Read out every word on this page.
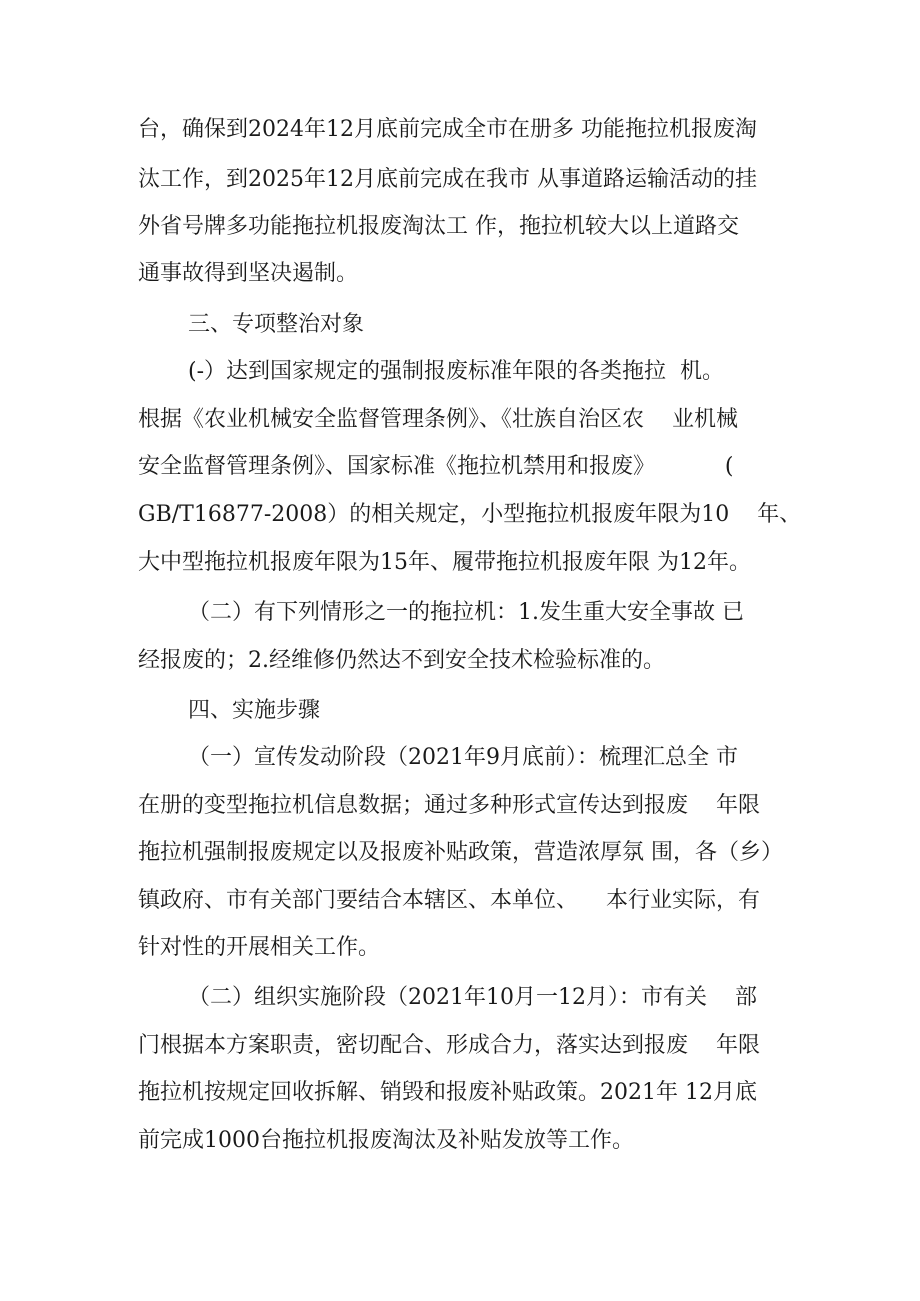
台，确保到2024年12月底前完成全市在册多 功能拖拉机报废淘
汰工作，到2025年12月底前完成在我市 从事道路运输活动的挂
外省号牌多功能拖拉机报废淘汰工 作，拖拉机较大以上道路交
通事故得到坚决遏制。
三、专项整治对象
(-）达到国家规定的强制报废标准年限的各类拖拉  机。
根据《农业机械安全监督管理条例》、《壮族自治区农    业机械
安全监督管理条例》、国家标准《拖拉机禁用和报废》          (
GB/T16877-2008）的相关规定，小型拖拉机报废年限为10    年、
大中型拖拉机报废年限为15年、履带拖拉机报废年限 为12年。
（二）有下列情形之一的拖拉机：1.发生重大安全事故 已
经报废的；2.经维修仍然达不到安全技术检验标准的。
四、实施步骤
（一）宣传发动阶段（2021年9月底前）：梳理汇总全 市
在册的变型拖拉机信息数据；通过多种形式宣传达到报废    年限
拖拉机强制报废规定以及报废补贴政策，营造浓厚氛 围，各（乡）
镇政府、市有关部门要结合本辖区、本单位、    本行业实际，有
针对性的开展相关工作。
（二）组织实施阶段（2021年10月一12月）：市有关    部
门根据本方案职责，密切配合、形成合力，落实达到报废    年限
拖拉机按规定回收拆解、销毁和报废补贴政策。2021年 12月底
前完成1000台拖拉机报废淘汰及补贴发放等工作。
